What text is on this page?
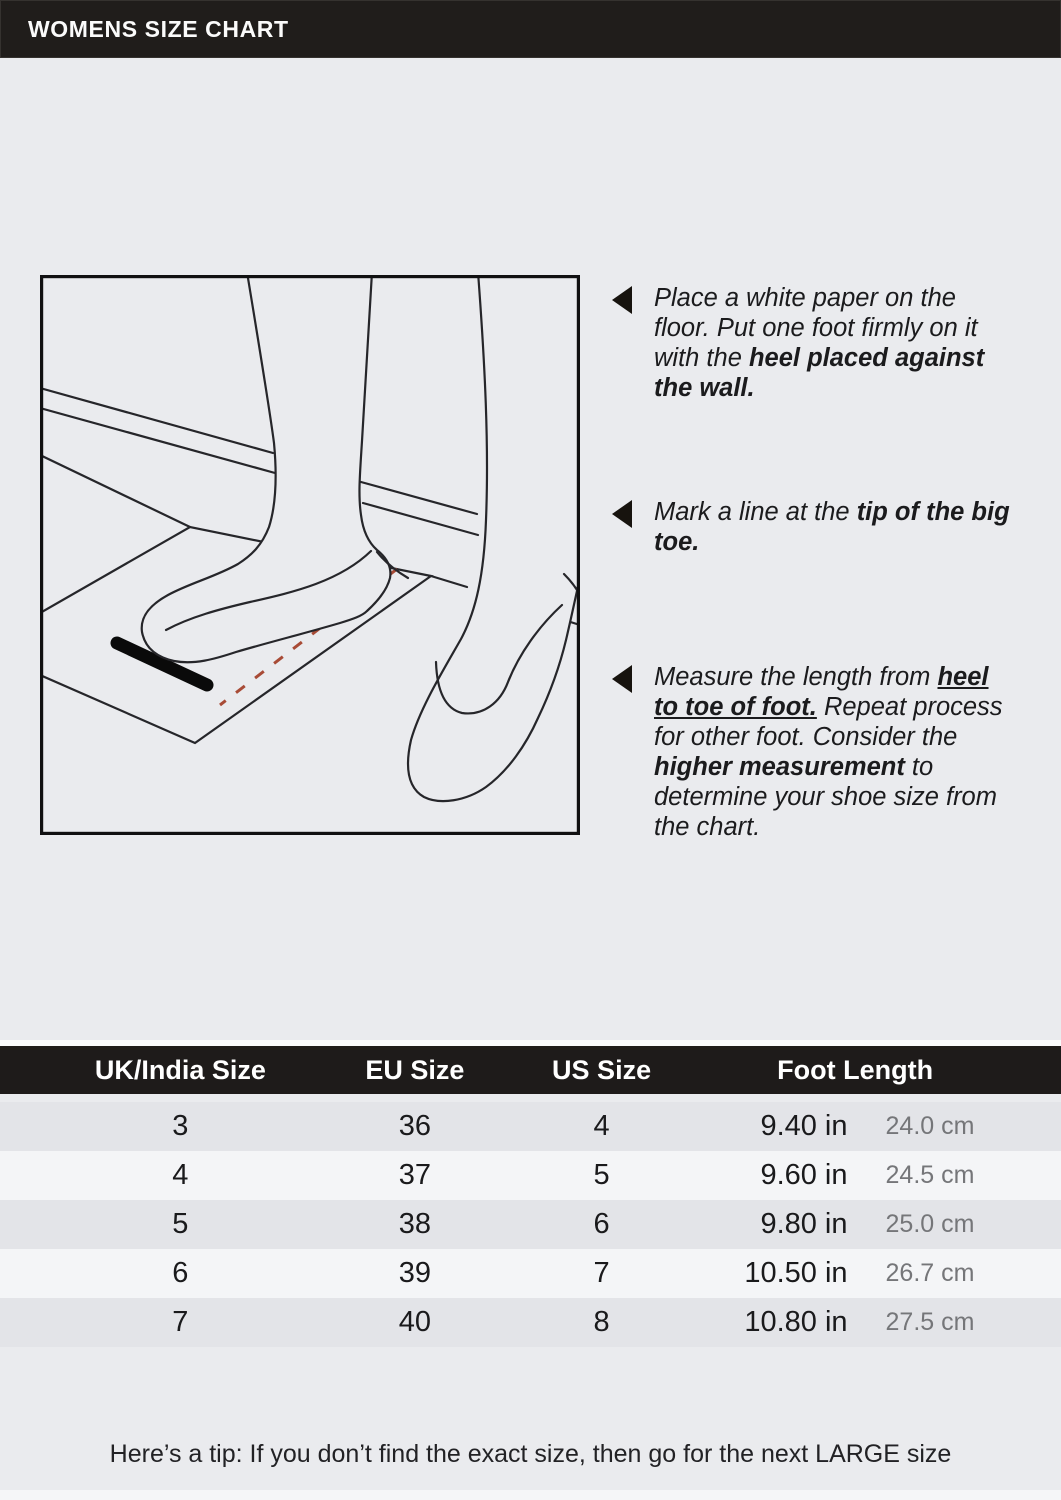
WOMENS SIZE CHART

Place a white paper on the floor. Put one foot firmly on it with the heel placed against the wall.

Mark a line at the tip of the big toe.

Measure the length from heel to toe of foot. Repeat process for other foot. Consider the higher measurement to determine your shoe size from the chart.

UK/India Size	EU Size	US Size	Foot Length
3	36	4	9.40 in	24.0 cm
4	37	5	9.60 in	24.5 cm
5	38	6	9.80 in	25.0 cm
6	39	7	10.50 in	26.7 cm
7	40	8	10.80 in	27.5 cm

Here’s a tip: If you don’t find the exact size, then go for the next LARGE size
